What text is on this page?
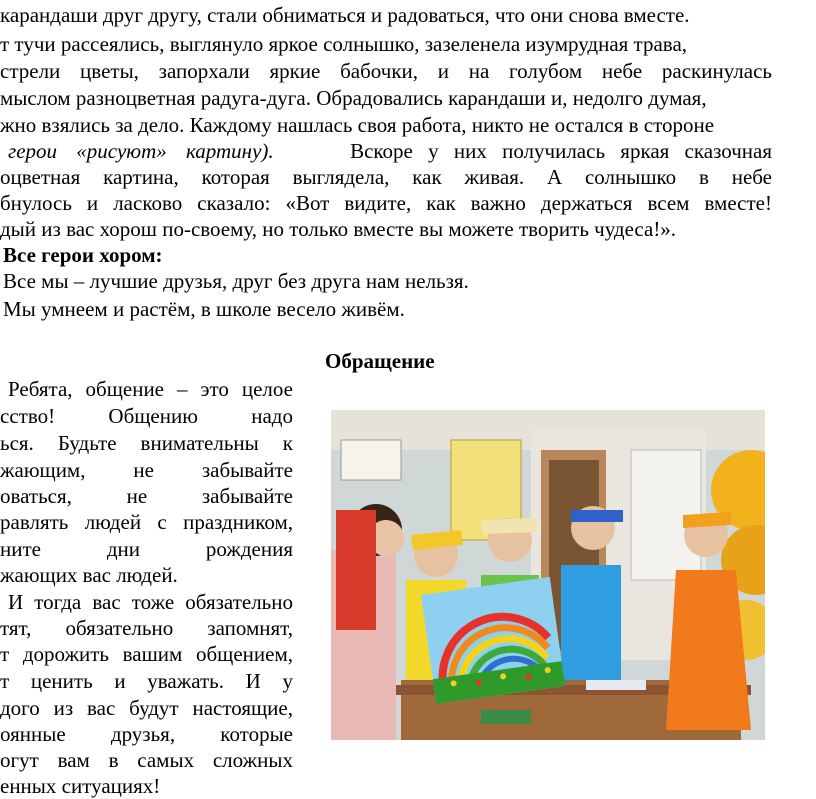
карандаши друг другу, стали обниматься и радоваться, что они снова вместе.
т тучи рассеялись, выглянуло яркое солнышко, зазеленела изумрудная трава,
стрели цветы, запорхали яркие бабочки, и на голубом небе раскинулась
мыслом разноцветная радуга-дуга. Обрадовались карандаши и, недолго думая,
жно взялись за дело. Каждому нашлась своя работа, никто не остался в стороне
герои «рисуют» картину).	Вскоре у них получилась яркая сказочная
оцветная картина, которая выглядела, как живая. А солнышко в небе
бнулось и ласково сказало: «Вот видите, как важно держаться всем вместе!
дый из вас хорош по-своему, но только вместе вы можете творить чудеса!».
Все герои хором:
Все мы – лучшие друзья, друг без друга нам нельзя.
Мы умнеем и растём, в школе весело живём.
Обращение
Ребята, общение – это целое
сство! Общению надо
ься. Будьте внимательны к
жающим, не забывайте
оваться, не забывайте
равлять людей с праздником,
ните дни рождения
жающих вас людей.
И тогда вас тоже обязательно
тят, обязательно запомнят,
т дорожить вашим общением,
т ценить и уважать. И у
дого из вас будут настоящие,
оянные друзья, которые
огут вам в самых сложных
енных ситуациях!
